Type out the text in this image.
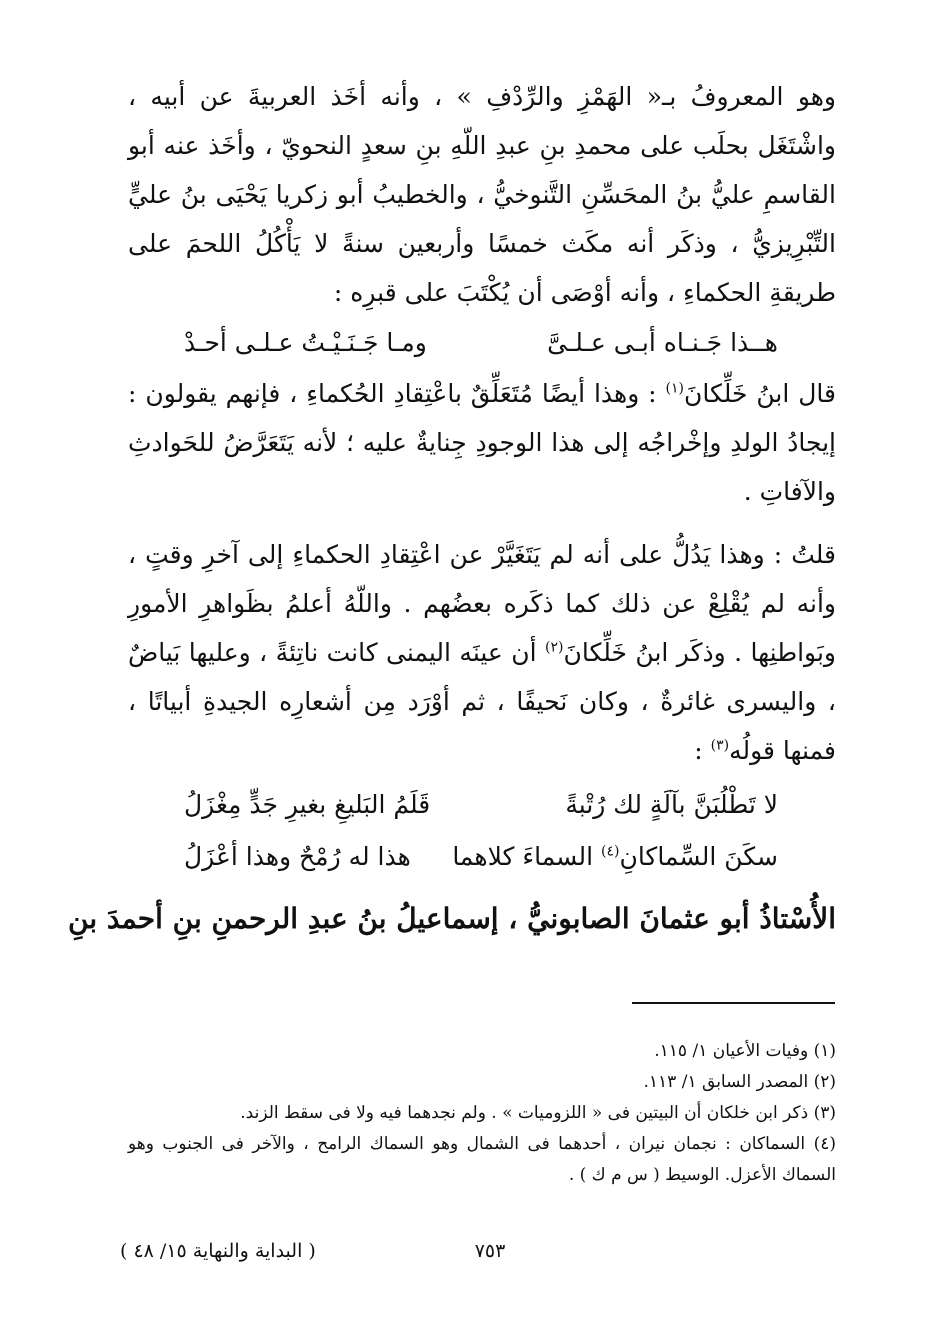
وهو المعروفُ بـ« الهَمْزِ والرِّدْفِ » ، وأنه أخَذ العربيةَ عن أبيه ، واشْتَغَل بحلَب على محمدِ بنِ عبدِ اللّهِ بنِ سعدٍ النحويّ ، وأخَذ عنه أبو القاسمِ عليُّ بنُ المحَسِّنِ التَّنوخيُّ ، والخطيبُ أبو زكريا يَحْيَى بنُ عليٍّ التِّبْرِيزيُّ ، وذكَر أنه مكَث خمسًا وأربعين سنةً لا يَأْكُلُ اللحمَ على طريقةِ الحكماءِ ، وأنه أوْصَى أن يُكْتَبَ على قبرِه :

هــذا جَـنـاه أبـى عـلـىَّ
ومـا جَـنَـيْـتُ عـلـى أحـدْ

قال ابنُ خَلِّكانَ$^{(١)}$ : وهذا أيضًا مُتَعَلِّقٌ باعْتِقادِ الحُكماءِ ، فإنهم يقولون : إيجادُ الولدِ وإخْراجُه إلى هذا الوجودِ جِنايةٌ عليه ؛ لأنه يَتَعَرَّضُ للحَوادثِ والآفاتِ .

قلتُ : وهذا يَدُلُّ على أنه لم يَتَغَيَّرْ عن اعْتِقادِ الحكماءِ إلى آخرِ وقتٍ ، وأنه لم يُقْلِعْ عن ذلك كما ذكَره بعضُهم . واللّهُ أعلمُ بظَواهرِ الأمورِ وبَواطنِها . وذكَر ابنُ خَلِّكانَ$^{(٢)}$ أن عينَه اليمنى كانت ناتِئةً ، وعليها بَياضٌ ، واليسرى غائرةٌ ، وكان نَحيفًا ، ثم أوْرَد مِن أشعارِه الجيدةِ أبياتًا ، فمنها قولُه$^{(٣)}$ :

لا تَطْلُبَنَّ بآلَةٍ لك رُتْبةً
قَلَمُ البَليغِ بغيرِ جَدٍّ مِغْزَلُ
سكَنَ السِّماكانِ$^{(٤)}$ السماءَ كلاهما
هذا له رُمْحٌ وهذا أعْزَلُ
الأُسْتاذُ أبو عثمانَ الصابونيُّ ، إسماعيلُ بنُ عبدِ الرحمنِ بنِ أحمدَ بنِ
(١) وفيات الأعيان ١/ ١١٥.
(٢) المصدر السابق ١/ ١١٣.
(٣) ذكر ابن خلكان أن البيتين فى « اللزوميات » . ولم نجدهما فيه ولا فى سقط الزند.
(٤) السماكان : نجمان نيران ، أحدهما فى الشمال وهو السماك الرامح ، والآخر فى الجنوب وهو السماك الأعزل. الوسيط ( س م ك ) .
٧٥٣
( البداية والنهاية ١٥/ ٤٨ )
